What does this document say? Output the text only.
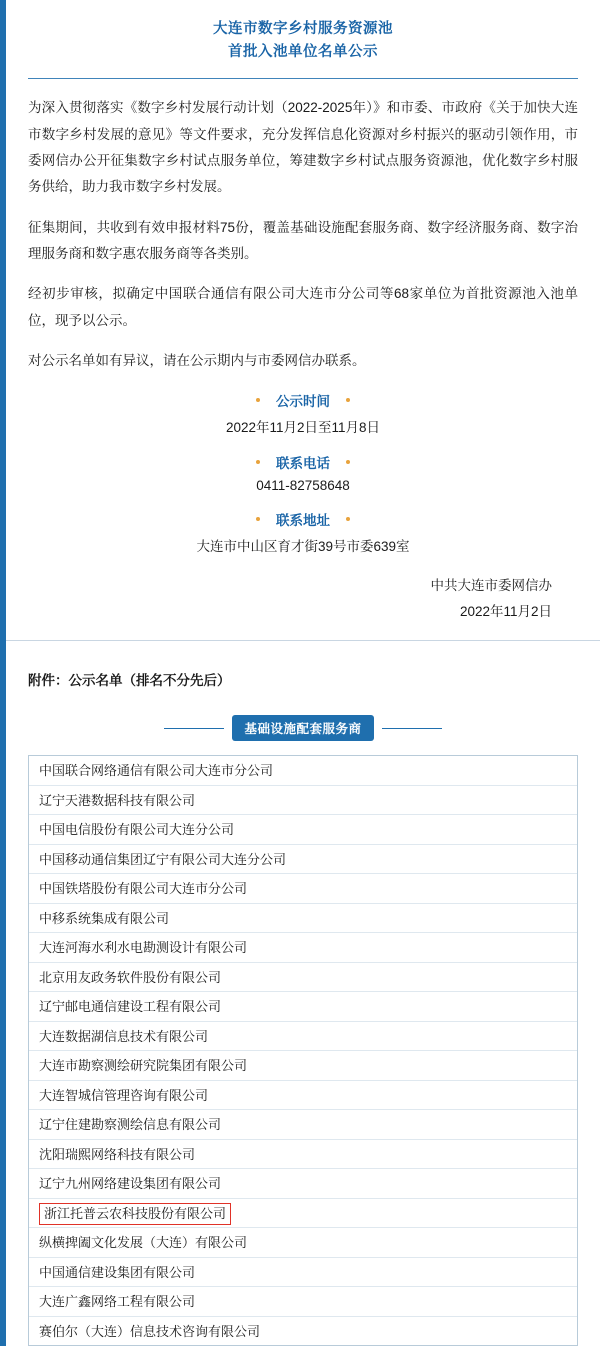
大连市数字乡村服务资源池
首批入池单位名单公示

为深入贯彻落实《数字乡村发展行动计划（2022-2025年）》和市委、市政府《关于加快大连市数字乡村发展的意见》等文件要求，充分发挥信息化资源对乡村振兴的驱动引领作用，市委网信办公开征集数字乡村试点服务单位，筹建数字乡村试点服务资源池，优化数字乡村服务供给，助力我市数字乡村发展。

征集期间，共收到有效申报材料75份，覆盖基础设施配套服务商、数字经济服务商、数字治理服务商和数字惠农服务商等各类别。

经初步审核，拟确定中国联合通信有限公司大连市分公司等68家单位为首批资源池入池单位，现予以公示。

对公示名单如有异议，请在公示期内与市委网信办联系。

公示时间
2022年11月2日至11月8日
联系电话
0411-82758648
联系地址
大连市中山区育才街39号市委639室
中共大连市委网信办
2022年11月2日
附件：公示名单（排名不分先后）
基础设施配套服务商
中国联合网络通信有限公司大连市分公司
辽宁天港数据科技有限公司
中国电信股份有限公司大连分公司
中国移动通信集团辽宁有限公司大连分公司
中国铁塔股份有限公司大连市分公司
中移系统集成有限公司
大连河海水利水电勘测设计有限公司
北京用友政务软件股份有限公司
辽宁邮电通信建设工程有限公司
大连数据湖信息技术有限公司
大连市勘察测绘研究院集团有限公司
大连智城信管理咨询有限公司
辽宁住建勘察测绘信息有限公司
沈阳瑞熙网络科技有限公司
辽宁九州网络建设集团有限公司
浙江托普云农科技股份有限公司
纵横捭阖文化发展（大连）有限公司
中国通信建设集团有限公司
大连广鑫网络工程有限公司
赛伯尔（大连）信息技术咨询有限公司
